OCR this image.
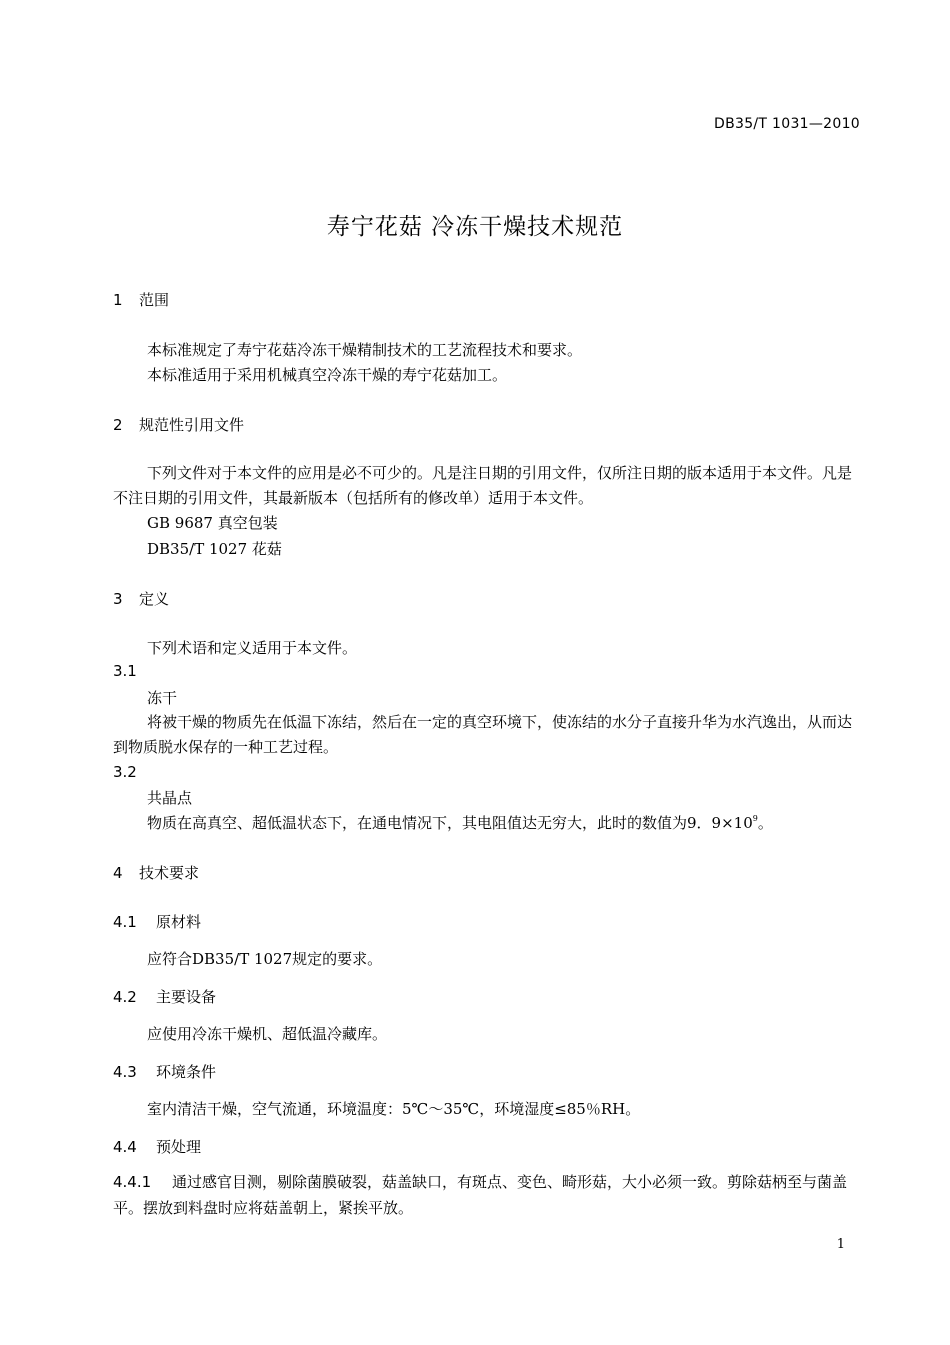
DB35/T 1031—2010
寿宁花菇 冷冻干燥技术规范
1 范围
本标准规定了寿宁花菇冷冻干燥精制技术的工艺流程技术和要求。
本标准适用于采用机械真空冷冻干燥的寿宁花菇加工。
2 规范性引用文件
下列文件对于本文件的应用是必不可少的。凡是注日期的引用文件，仅所注日期的版本适用于本文件。凡是不注日期的引用文件，其最新版本（包括所有的修改单）适用于本文件。
GB 9687 真空包装
DB35/T 1027 花菇
3 定义
下列术语和定义适用于本文件。
3.1
冻干
将被干燥的物质先在低温下冻结，然后在一定的真空环境下，使冻结的水分子直接升华为水汽逸出，从而达到物质脱水保存的一种工艺过程。
3.2
共晶点
物质在高真空、超低温状态下，在通电情况下，其电阻值达无穷大，此时的数值为9．$9\times 10^9$。
4 技术要求
4.1 原材料
应符合DB35/T 1027规定的要求。
4.2 主要设备
应使用冷冻干燥机、超低温冷藏库。
4.3 环境条件
室内清洁干燥，空气流通，环境温度：5℃～35℃，环境湿度≤85％RH。
4.4 预处理
4.4.1 通过感官目测，剔除菌膜破裂，菇盖缺口，有斑点、变色、畸形菇，大小必须一致。剪除菇柄至与菌盖平。摆放到料盘时应将菇盖朝上，紧挨平放。
1
